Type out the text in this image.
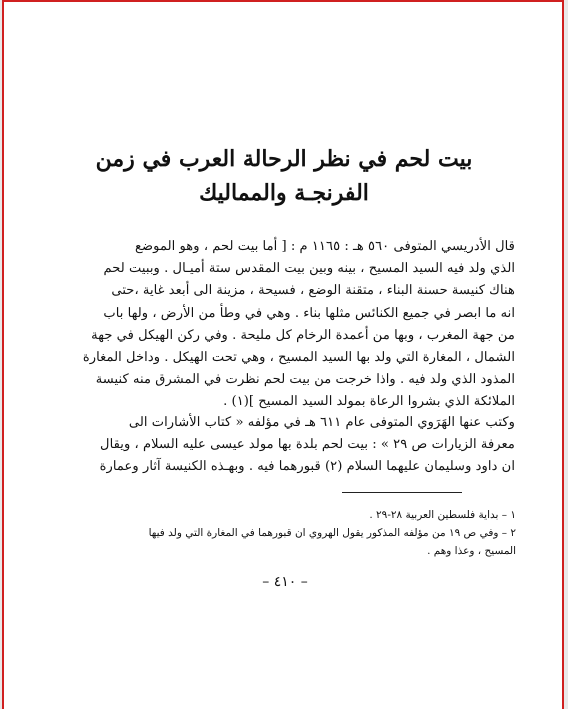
بيت لحم في نظر الرحالة العرب في زمن
الفرنجـة والمماليك
قال الأدريسي المتوفى ٥٦٠ هـ : ١١٦٥ م : [ أما بيت لحم ، وهو الموضع
الذي ولد فيه السيد المسيح ، بينه وبين بيت المقدس ستة أميـال . وببيت لحم
هناك كنيسة حسنة البناء ، متقنة الوضع ، فسيحة ، مزينة الى أبعد غاية ،حتى
انه ما ابصر في جميع الكنائس مثلها بناء . وهي في وطأ من الأرض ، ولها باب
من جهة المغرب ، وبها من أعمدة الرخام كل مليحة . وفي ركن الهيكل في جهة
الشمال ، المغارة التي ولد بها السيد المسيح ، وهي تحت الهيكل . وداخل المغارة
المذود الذي ولد فيه . واذا خرجت من بيت لحم نظرت في المشرق منه كنيسة
الملائكة الذي بشروا الرعاة بمولد السيد المسيح ](١) .
وكتب عنها الهَرَوي المتوفى عام ٦١١ هـ في مؤلفه « كتاب الأشارات الى
معرفة الزيارات ص ٢٩ » : بيت لحم بلدة بها مولد عيسى عليه السلام ، ويقال
ان داود وسليمان عليهما السلام (٢) قبورهما فيه . وبهـذه الكنيسة آثار وعمارة
١ – بداية فلسطين العربية ٢٨-٢٩ .
٢ – وفي ص ١٩ من مؤلفه المذكور يقول الهروي ان قبورهما في المغارة التي ولد فيها
المسيح ، وعذا وهم .
– ٤١٠ –
